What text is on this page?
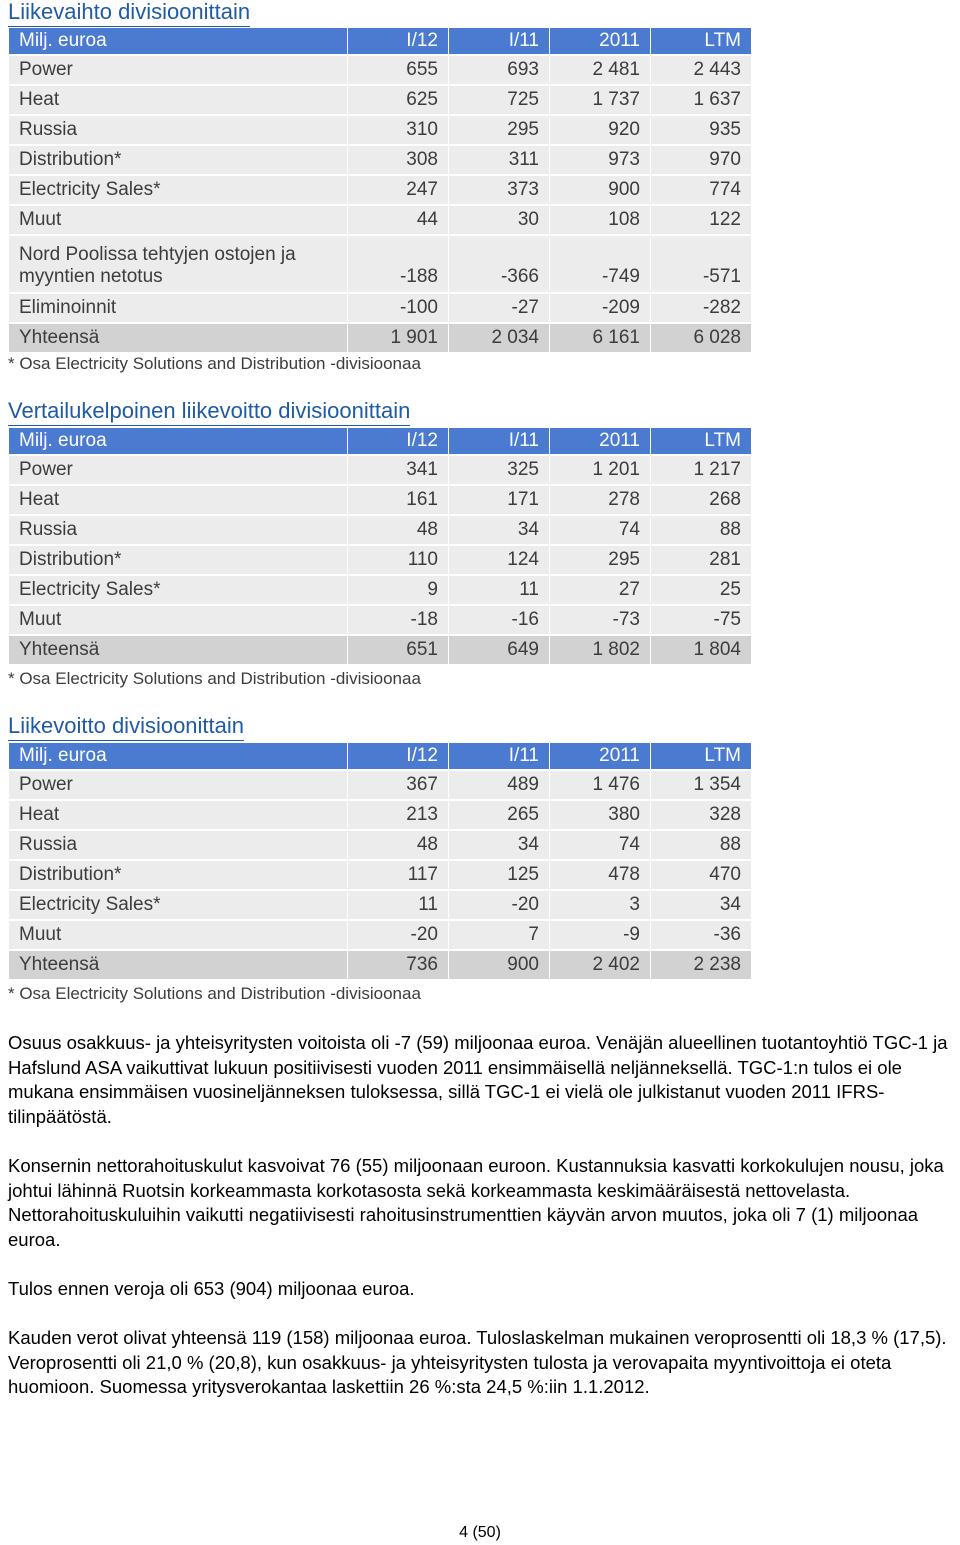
Liikevaihto divisioonittain
Milj. euroa	I/12	I/11	2011	LTM
Power	655	693	2 481	2 443
Heat	625	725	1 737	1 637
Russia	310	295	920	935
Distribution*	308	311	973	970
Electricity Sales*	247	373	900	774
Muut	44	30	108	122
Nord Poolissa tehtyjen ostojen ja myyntien netotus	-188	-366	-749	-571
Eliminoinnit	-100	-27	-209	-282
Yhteensä	1 901	2 034	6 161	6 028

* Osa Electricity Solutions and Distribution -divisioonaa

Vertailukelpoinen liikevoitto divisioonittain
Milj. euroa	I/12	I/11	2011	LTM
Power	341	325	1 201	1 217
Heat	161	171	278	268
Russia	48	34	74	88
Distribution*	110	124	295	281
Electricity Sales*	9	11	27	25
Muut	-18	-16	-73	-75
Yhteensä	651	649	1 802	1 804

* Osa Electricity Solutions and Distribution -divisioonaa

Liikevoitto divisioonittain
Milj. euroa	I/12	I/11	2011	LTM
Power	367	489	1 476	1 354
Heat	213	265	380	328
Russia	48	34	74	88
Distribution*	117	125	478	470
Electricity Sales*	11	-20	3	34
Muut	-20	7	-9	-36
Yhteensä	736	900	2 402	2 238

* Osa Electricity Solutions and Distribution -divisioonaa

Osuus osakkuus- ja yhteisyritysten voitoista oli -7 (59) miljoonaa euroa. Venäjän alueellinen tuotantoyhtiö TGC-1 ja Hafslund ASA vaikuttivat lukuun positiivisesti vuoden 2011 ensimmäisellä neljänneksellä. TGC-1:n tulos ei ole mukana ensimmäisen vuosineljänneksen tuloksessa, sillä TGC-1 ei vielä ole julkistanut vuoden 2011 IFRS-tilinpäätöstä.

Konsernin nettorahoituskulut kasvoivat 76 (55) miljoonaan euroon. Kustannuksia kasvatti korkokulujen nousu, joka johtui lähinnä Ruotsin korkeammasta korkotasosta sekä korkeammasta keskimääräisestä nettovelasta. Nettorahoituskuluihin vaikutti negatiivisesti rahoitusinstrumenttien käyvän arvon muutos, joka oli 7 (1) miljoonaa euroa.

Tulos ennen veroja oli 653 (904) miljoonaa euroa.

Kauden verot olivat yhteensä 119 (158) miljoonaa euroa. Tuloslaskelman mukainen veroprosentti oli 18,3 % (17,5). Veroprosentti oli 21,0 % (20,8), kun osakkuus- ja yhteisyritysten tulosta ja verovapaita myyntivoittoja ei oteta huomioon. Suomessa yritysverokantaa laskettiin 26 %:sta 24,5 %:iin 1.1.2012.

4 (50)
